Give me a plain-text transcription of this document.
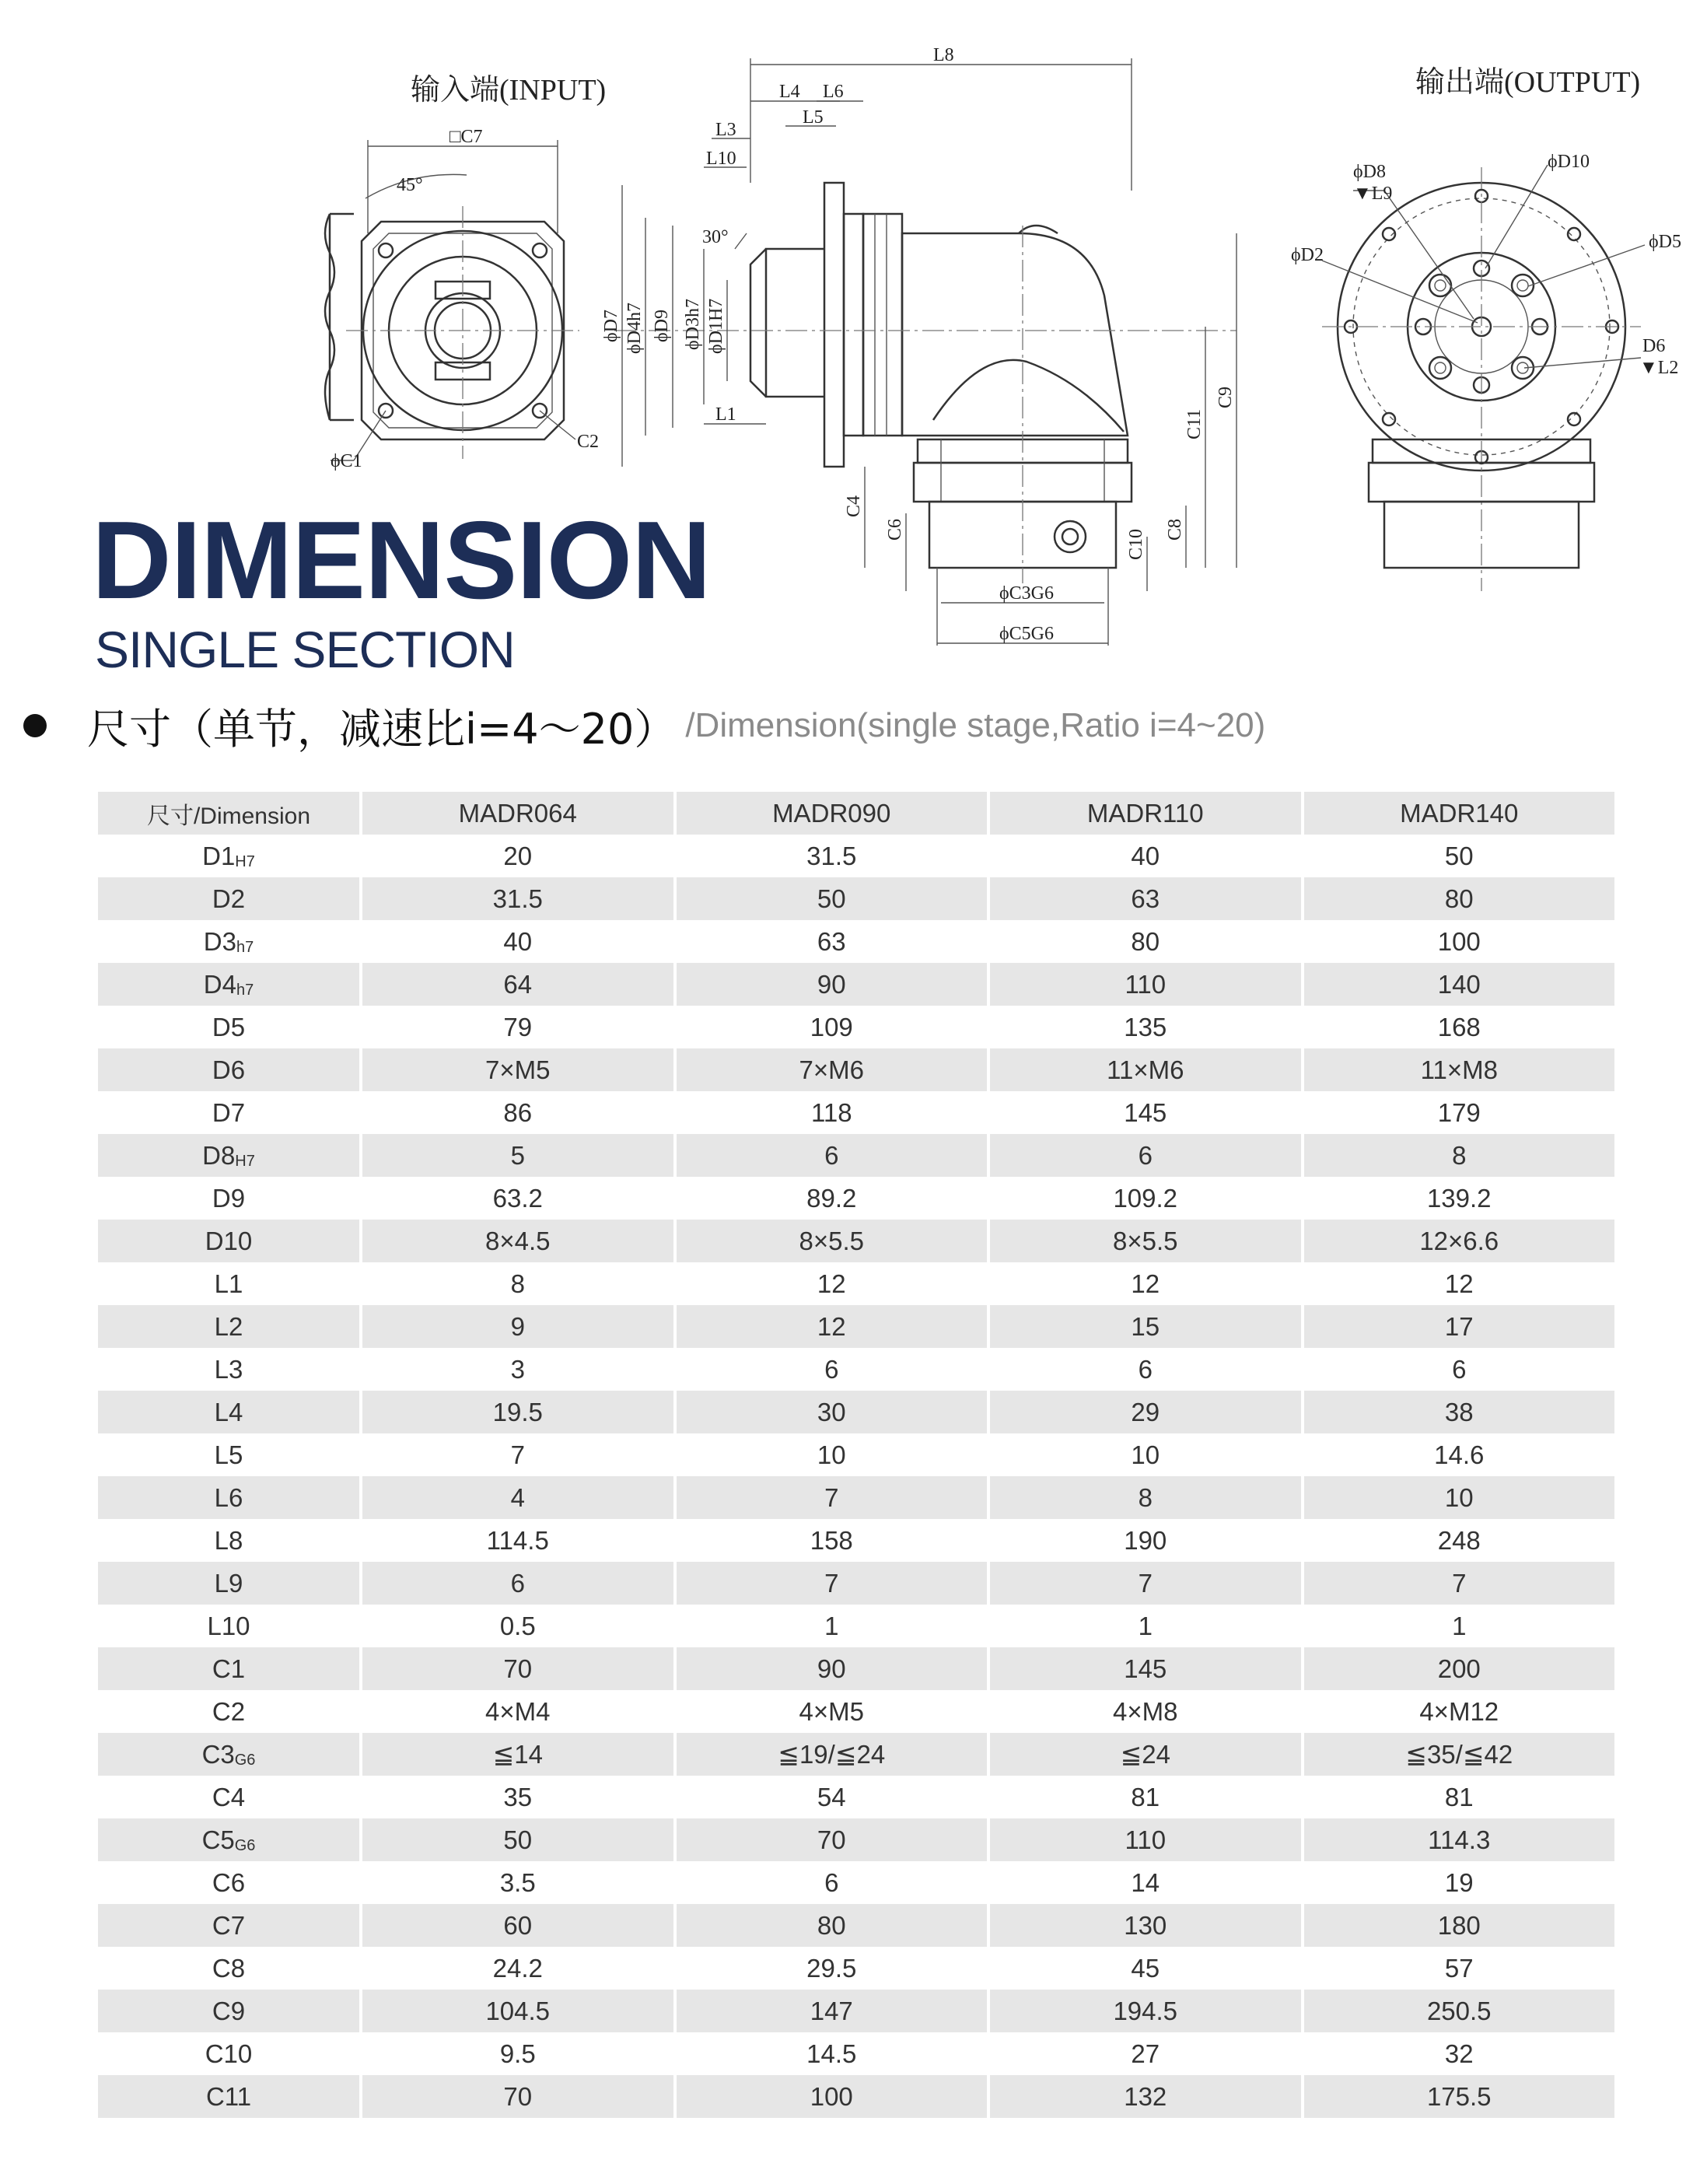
输入端(INPUT)
□C7
45°
ϕC1
C2
L8
L4 L6
L5
L3
L10
30°
ϕD7 ϕD4h7 ϕD9 ϕD3h7 ϕD1H7
L1
C4
C6
C11
C9
C10 C8
ϕC3G6
ϕC5G6
输出端(OUTPUT)
ϕD8
▼L9
ϕD10
ϕD2
ϕD5
D6
▼L2
DIMENSION
SINGLE SECTION
尺寸（单节，减速比i=4～20） /Dimension(single stage,Ratio i=4~20)
尺寸/Dimension	MADR064	MADR090	MADR110	MADR140
$D1_{H7}$	20	31.5	40	50
D2	31.5	50	63	80
$D3_{h7}$	40	63	80	100
$D4_{h7}$	64	90	110	140
D5	79	109	135	168
D6	7×M5	7×M6	11×M6	11×M8
D7	86	118	145	179
$D8_{H7}$	5	6	6	8
D9	63.2	89.2	109.2	139.2
D10	8×4.5	8×5.5	8×5.5	12×6.6
L1	8	12	12	12
L2	9	12	15	17
L3	3	6	6	6
L4	19.5	30	29	38
L5	7	10	10	14.6
L6	4	7	8	10
L8	114.5	158	190	248
L9	6	7	7	7
L10	0.5	1	1	1
C1	70	90	145	200
C2	4×M4	4×M5	4×M8	4×M12
$C3_{G6}$	≦14	≦19/≦24	≦24	≦35/≦42
C4	35	54	81	81
$C5_{G6}$	50	70	110	114.3
C6	3.5	6	14	19
C7	60	80	130	180
C8	24.2	29.5	45	57
C9	104.5	147	194.5	250.5
C10	9.5	14.5	27	32
C11	70	100	132	175.5
